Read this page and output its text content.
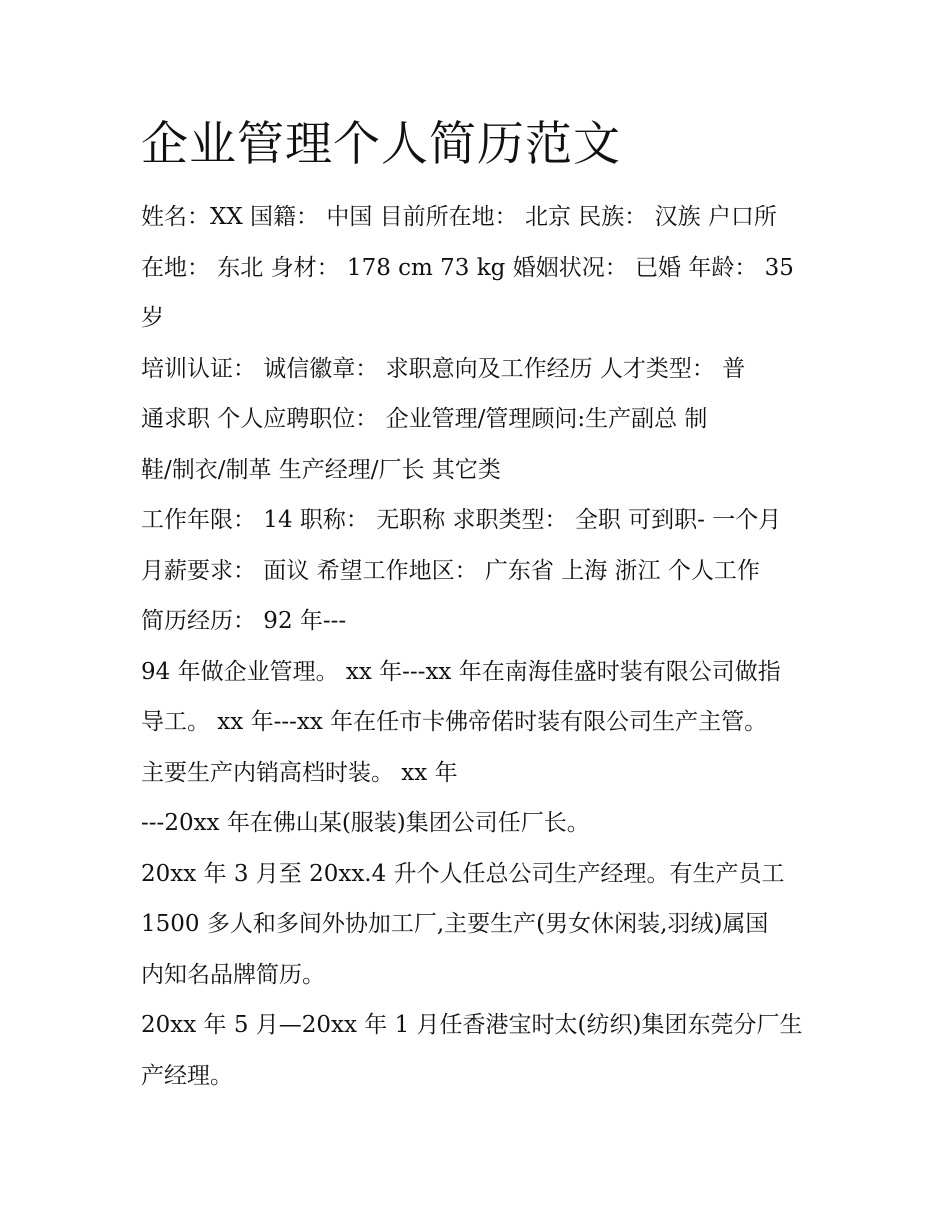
企业管理个人简历范文

姓名：XX 国籍： 中国 目前所在地： 北京 民族： 汉族 户口所

在地： 东北 身材： 178 cm 73 kg 婚姻状况： 已婚 年龄： 35

岁

培训认证： 诚信徽章： 求职意向及工作经历 人才类型： 普

通求职 个人应聘职位： 企业管理/管理顾问:生产副总 制

鞋/制衣/制革 生产经理/厂长 其它类

工作年限： 14 职称： 无职称 求职类型： 全职 可到职- 一个月

月薪要求： 面议 希望工作地区： 广东省 上海 浙江 个人工作

简历经历： 92 年---

94 年做企业管理。 xx 年---xx 年在南海佳盛时装有限公司做指

导工。 xx 年---xx 年在任市卡佛帝偌时装有限公司生产主管。

主要生产内销高档时装。 xx 年

---20xx 年在佛山某(服装)集团公司任厂长。

20xx 年 3 月至 20xx.4 升个人任总公司生产经理。有生产员工

1500 多人和多间外协加工厂,主要生产(男女休闲装,羽绒)属国

内知名品牌简历。

20xx 年 5 月—20xx 年 1 月任香港宝时太(纺织)集团东莞分厂生

产经理。
